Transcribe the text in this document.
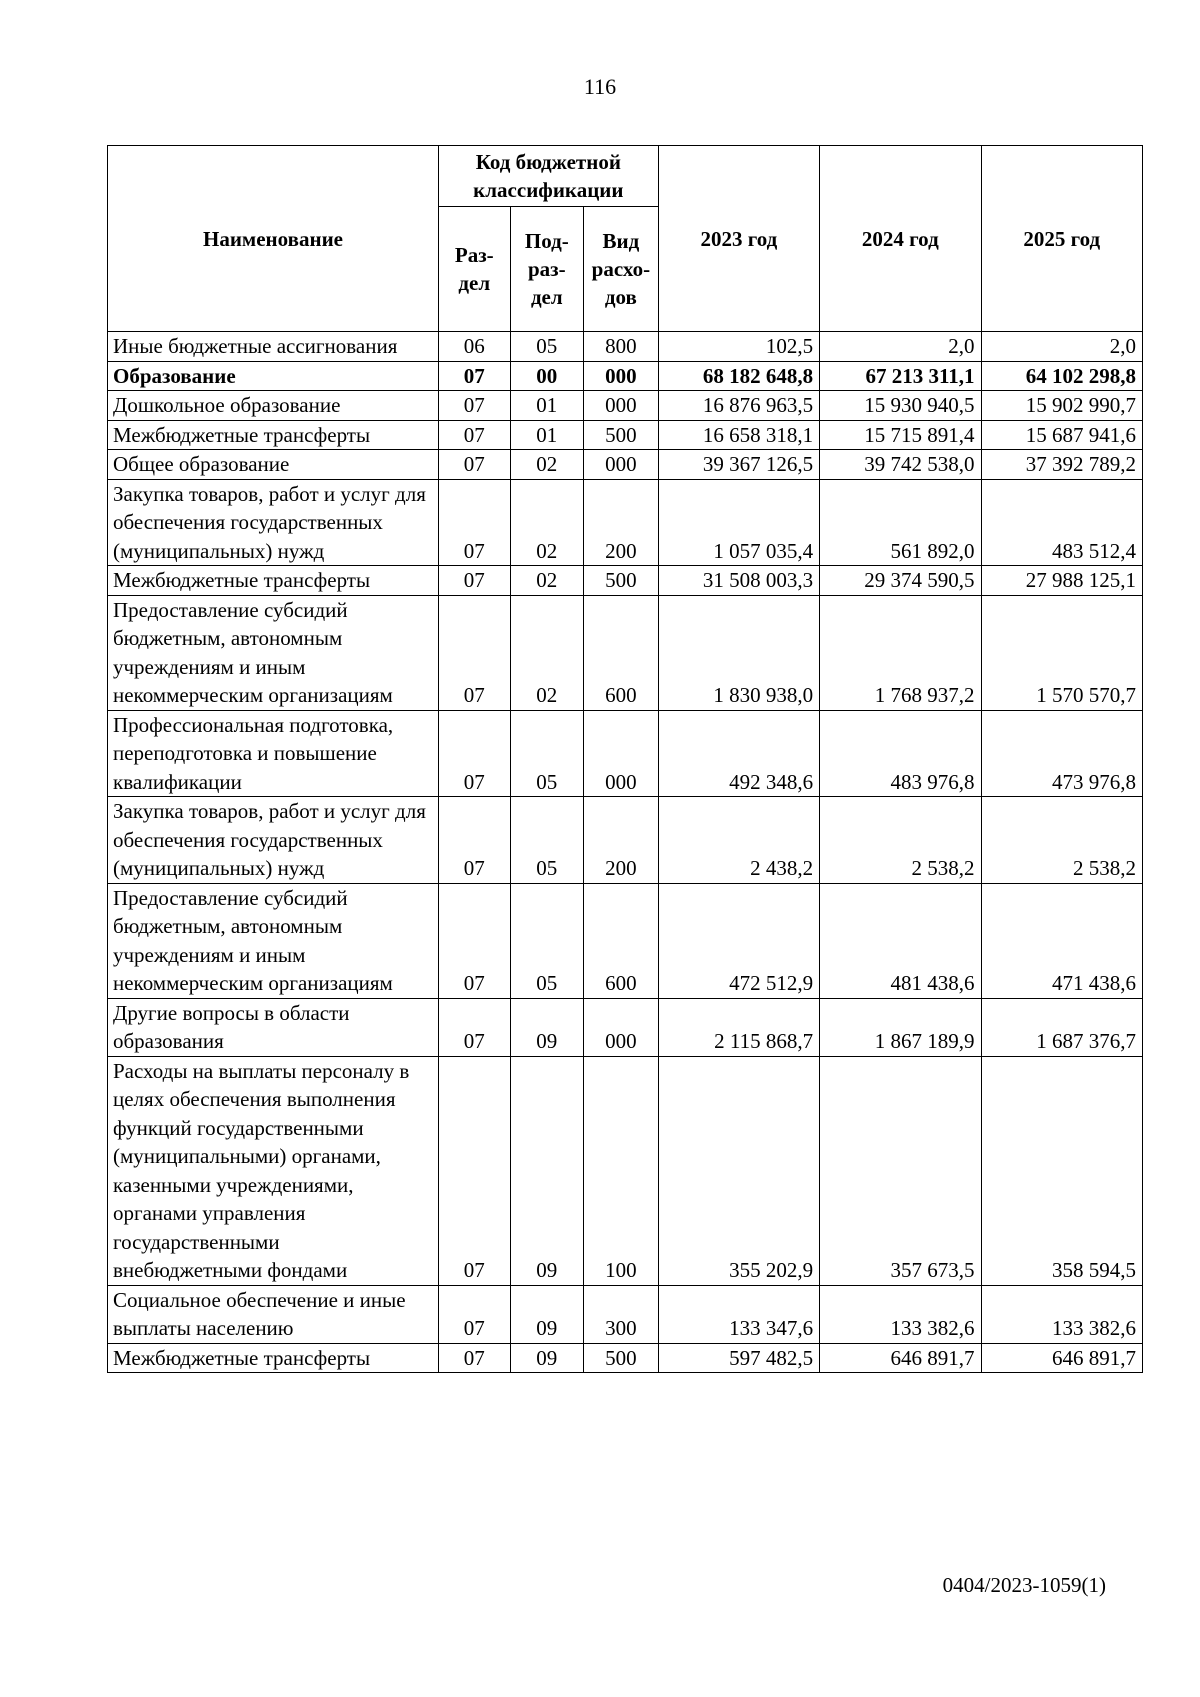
116
Наименование	Код бюджетной классификации			2023 год	2024 год	2025 год
	Раз-дел	Под-раз-дел	Вид расхо-дов			
Иные бюджетные ассигнования	06	05	800	102,5	2,0	2,0
Образование	07	00	000	68 182 648,8	67 213 311,1	64 102 298,8
Дошкольное образование	07	01	000	16 876 963,5	15 930 940,5	15 902 990,7
Межбюджетные трансферты	07	01	500	16 658 318,1	15 715 891,4	15 687 941,6
Общее образование	07	02	000	39 367 126,5	39 742 538,0	37 392 789,2
Закупка товаров, работ и услуг для обеспечения государственных (муниципальных) нужд	07	02	200	1 057 035,4	561 892,0	483 512,4
Межбюджетные трансферты	07	02	500	31 508 003,3	29 374 590,5	27 988 125,1
Предоставление субсидий бюджетным, автономным учреждениям и иным некоммерческим организациям	07	02	600	1 830 938,0	1 768 937,2	1 570 570,7
Профессиональная подготовка, переподготовка и повышение квалификации	07	05	000	492 348,6	483 976,8	473 976,8
Закупка товаров, работ и услуг для обеспечения государственных (муниципальных) нужд	07	05	200	2 438,2	2 538,2	2 538,2
Предоставление субсидий бюджетным, автономным учреждениям и иным некоммерческим организациям	07	05	600	472 512,9	481 438,6	471 438,6
Другие вопросы в области образования	07	09	000	2 115 868,7	1 867 189,9	1 687 376,7
Расходы на выплаты персоналу в целях обеспечения выполнения функций государственными (муниципальными) органами, казенными учреждениями, органами управления государственными внебюджетными фондами	07	09	100	355 202,9	357 673,5	358 594,5
Социальное обеспечение и иные выплаты населению	07	09	300	133 347,6	133 382,6	133 382,6
Межбюджетные трансферты	07	09	500	597 482,5	646 891,7	646 891,7
0404/2023-1059(1)
